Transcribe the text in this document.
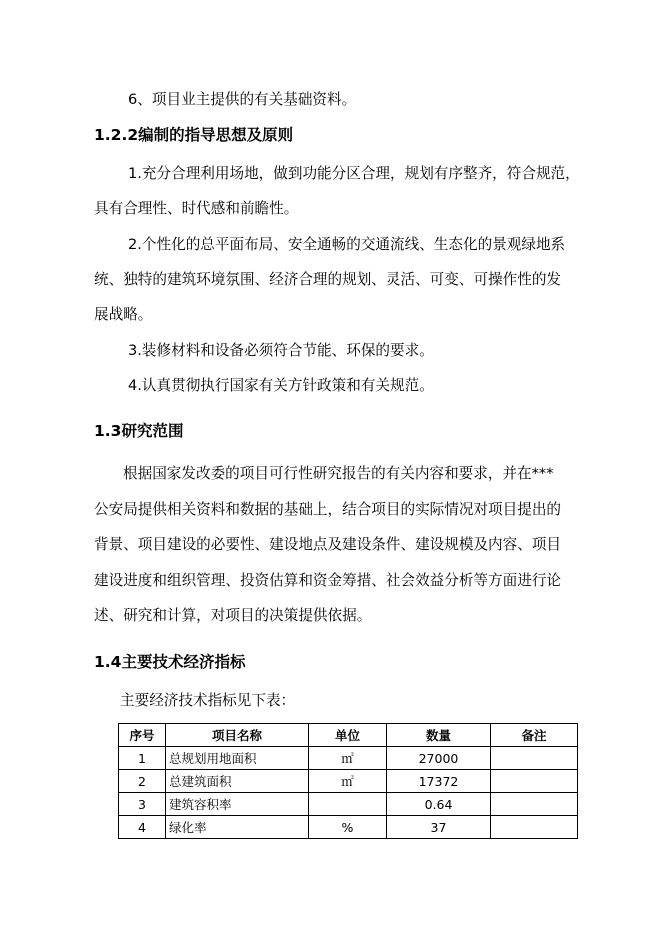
6、项目业主提供的有关基础资料。

1.2.2编制的指导思想及原则

1.充分合理利用场地，做到功能分区合理，规划有序整齐，符合规范，

具有合理性、时代感和前瞻性。

2.个性化的总平面布局、安全通畅的交通流线、生态化的景观绿地系

统、独特的建筑环境氛围、经济合理的规划、灵活、可变、可操作性的发

展战略。

3.装修材料和设备必须符合节能、环保的要求。

4.认真贯彻执行国家有关方针政策和有关规范。

1.3研究范围

根据国家发改委的项目可行性研究报告的有关内容和要求，并在***

公安局提供相关资料和数据的基础上，结合项目的实际情况对项目提出的

背景、项目建设的必要性、建设地点及建设条件、建设规模及内容、项目

建设进度和组织管理、投资估算和资金筹措、社会效益分析等方面进行论

述、研究和计算，对项目的决策提供依据。

1.4主要技术经济指标

主要经济技术指标见下表：

序号	项目名称	单位	数量	备注
1	总规划用地面积	㎡	27000	
2	总建筑面积	㎡	17372	
3	建筑容积率		0.64	
4	绿化率	%	37	
